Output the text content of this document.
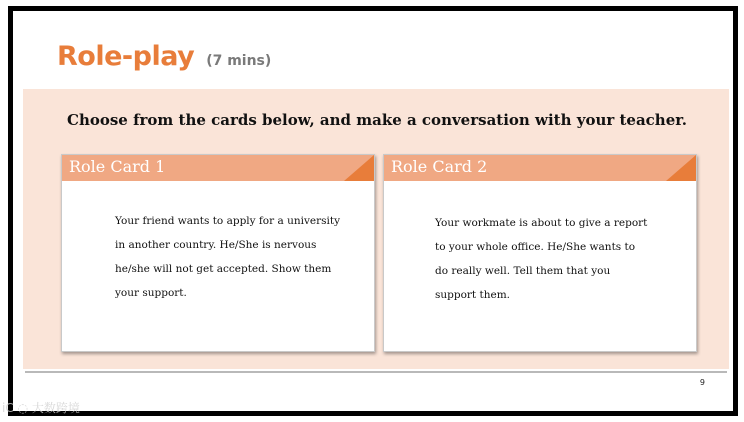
Role-play (7 mins)
Choose from the cards below, and make a conversation with your teacher.
Role Card 1
Your friend wants to apply for a university
in another country. He/She is nervous
he/she will not get accepted. Show them
your support.
Role Card 2
Your workmate is about to give a report
to your whole office. He/She wants to
do really well. Tell them that you
support them.
9
iC ◌ 大数跨境
